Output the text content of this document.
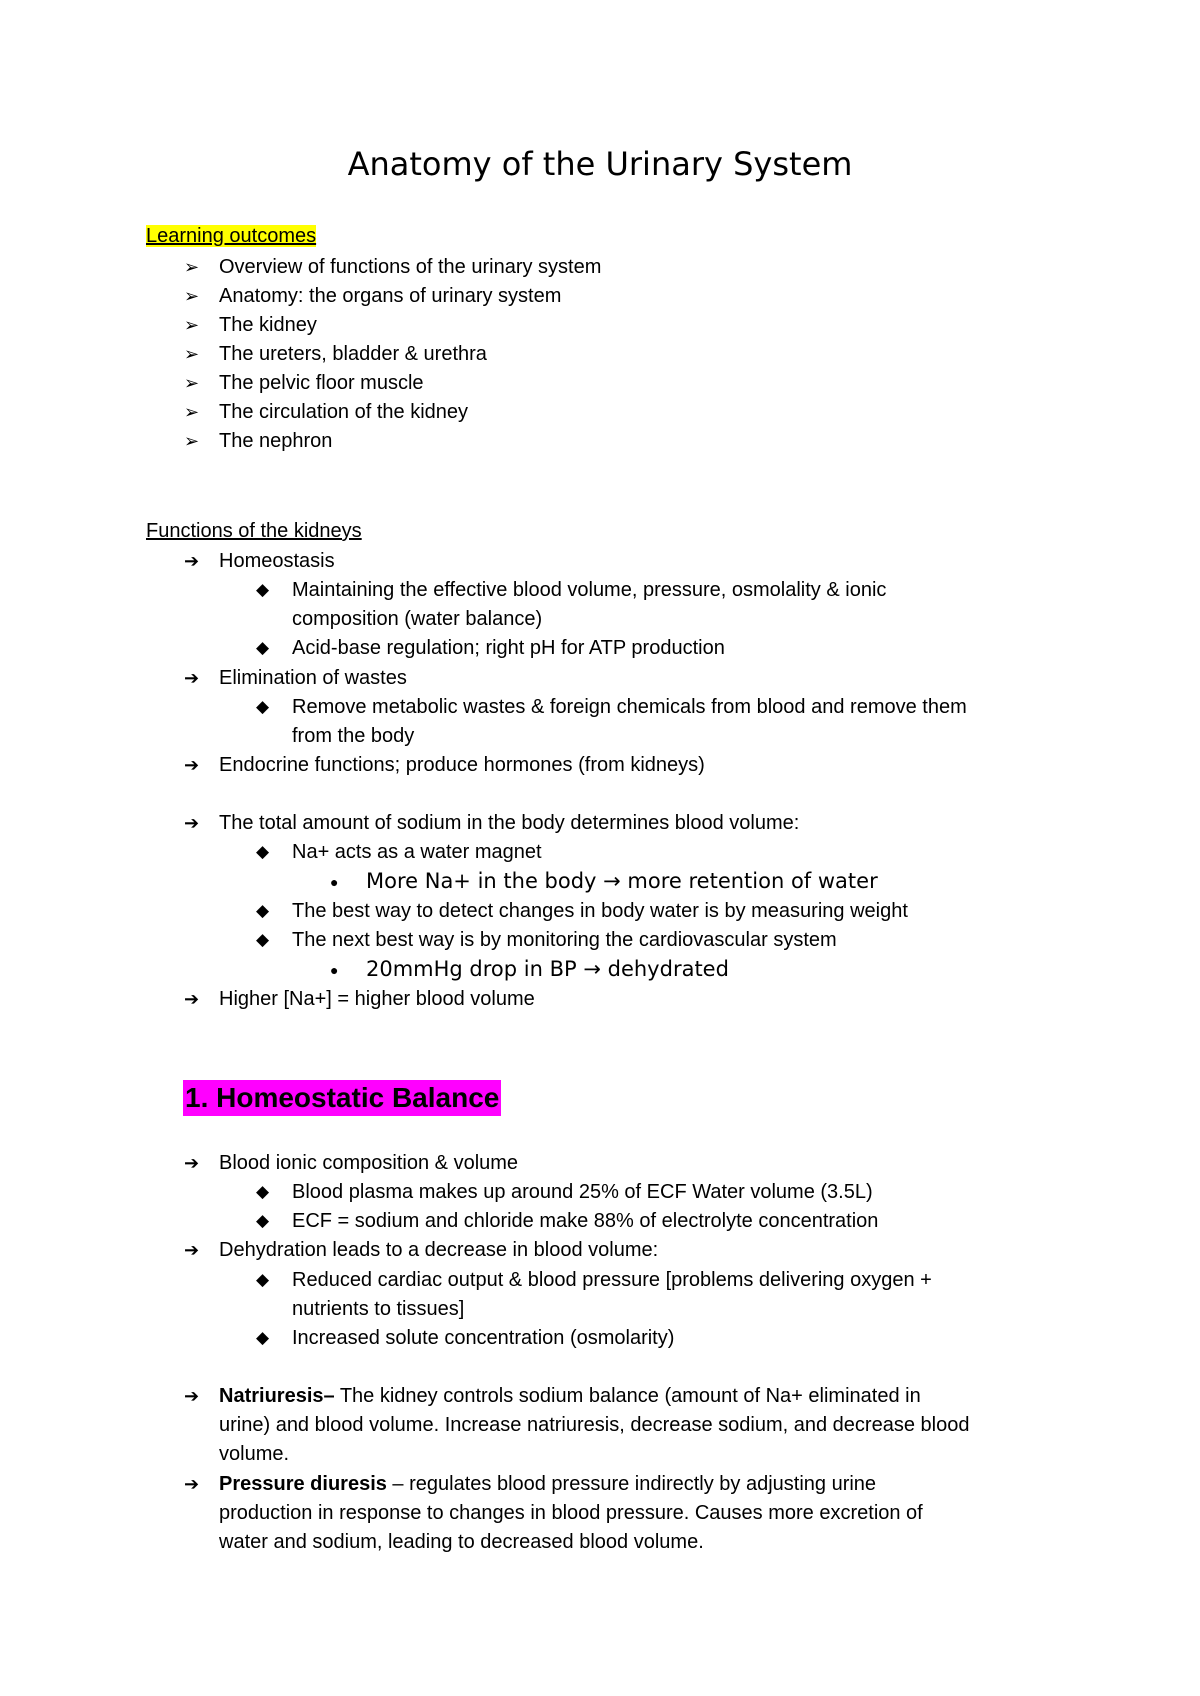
Anatomy of the Urinary System
Learning outcomes
➢ Overview of functions of the urinary system
➢ Anatomy: the organs of urinary system
➢ The kidney
➢ The ureters, bladder & urethra
➢ The pelvic floor muscle
➢ The circulation of the kidney
➢ The nephron
Functions of the kidneys
➔ Homeostasis
◆ Maintaining the effective blood volume, pressure, osmolality & ionic
composition (water balance)
◆ Acid-base regulation; right pH for ATP production
➔ Elimination of wastes
◆ Remove metabolic wastes & foreign chemicals from blood and remove them
from the body
➔ Endocrine functions; produce hormones (from kidneys)
➔ The total amount of sodium in the body determines blood volume:
◆ Na+ acts as a water magnet
● More Na+ in the body → more retention of water
◆ The best way to detect changes in body water is by measuring weight
◆ The next best way is by monitoring the cardiovascular system
● 20mmHg drop in BP → dehydrated
➔ Higher [Na+] = higher blood volume
1. Homeostatic Balance
➔ Blood ionic composition & volume
◆ Blood plasma makes up around 25% of ECF Water volume (3.5L)
◆ ECF = sodium and chloride make 88% of electrolyte concentration
➔ Dehydration leads to a decrease in blood volume:
◆ Reduced cardiac output & blood pressure [problems delivering oxygen +
nutrients to tissues]
◆ Increased solute concentration (osmolarity)
➔ Natriuresis– The kidney controls sodium balance (amount of Na+ eliminated in
urine) and blood volume. Increase natriuresis, decrease sodium, and decrease blood
volume.
➔ Pressure diuresis – regulates blood pressure indirectly by adjusting urine
production in response to changes in blood pressure. Causes more excretion of
water and sodium, leading to decreased blood volume.
